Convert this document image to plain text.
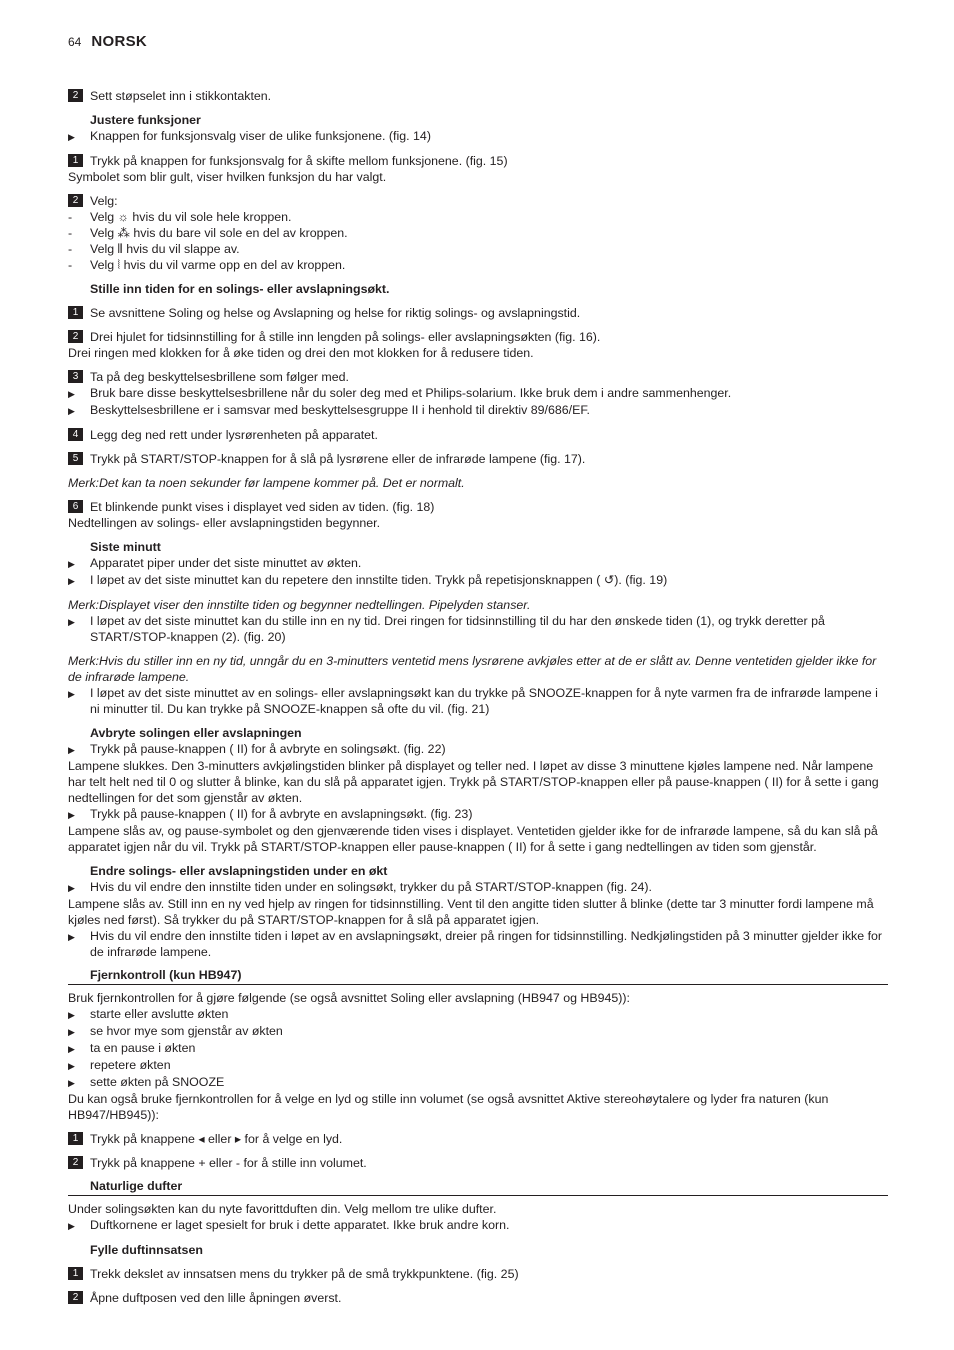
64 NORSK
2 Sett støpselet inn i stikkontakten.
Justere funksjoner
▶	Knappen for funksjonsvalg viser de ulike funksjonene. (fig. 14)
1 Trykk på knappen for funksjonsvalg for å skifte mellom funksjonene. (fig. 15)
Symbolet som blir gult, viser hvilken funksjon du har valgt.
2 Velg:
-	Velg ☼ hvis du vil sole hele kroppen.
-	Velg ⁂ hvis du bare vil sole en del av kroppen.
-	Velg ⫴ hvis du vil slappe av.
-	Velg ⦚ hvis du vil varme opp en del av kroppen.
Stille inn tiden for en solings- eller avslapningsøkt.
1 Se avsnittene Soling og helse og Avslapning og helse for riktig solings- og avslapningstid.
2 Drei hjulet for tidsinnstilling for å stille inn lengden på solings- eller avslapningsøkten (fig. 16).
Drei ringen med klokken for å øke tiden og drei den mot klokken for å redusere tiden.
3 Ta på deg beskyttelsesbrillene som følger med.
▶	Bruk bare disse beskyttelsesbrillene når du soler deg med et Philips-solarium. Ikke bruk dem i andre sammenhenger.
▶	Beskyttelsesbrillene er i samsvar med beskyttelsesgruppe II i henhold til direktiv 89/686/EF.
4 Legg deg ned rett under lysrørenheten på apparatet.
5 Trykk på START/STOP-knappen for å slå på lysrørene eller de infrarøde lampene (fig. 17).
Merk:Det kan ta noen sekunder før lampene kommer på. Det er normalt.
6 Et blinkende punkt vises i displayet ved siden av tiden. (fig. 18)
Nedtellingen av solings- eller avslapningstiden begynner.
Siste minutt
▶	Apparatet piper under det siste minuttet av økten.
▶	I løpet av det siste minuttet kan du repetere den innstilte tiden. Trykk på repetisjonsknappen ( ↺). (fig. 19)
Merk:Displayet viser den innstilte tiden og begynner nedtellingen. Pipelyden stanser.
▶	I løpet av det siste minuttet kan du stille inn en ny tid. Drei ringen for tidsinnstilling til du har den ønskede tiden (1), og trykk deretter på START/STOP-knappen (2). (fig. 20)
Merk:Hvis du stiller inn en ny tid, unngår du en 3-minutters ventetid mens lysrørene avkjøles etter at de er slått av. Denne ventetiden gjelder ikke for de infrarøde lampene.
▶	I løpet av det siste minuttet av en solings- eller avslapningsøkt kan du trykke på SNOOZE-knappen for å nyte varmen fra de infrarøde lampene i ni minutter til. Du kan trykke på SNOOZE-knappen så ofte du vil. (fig. 21)
Avbryte solingen eller avslapningen
▶	Trykk på pause-knappen ( II) for å avbryte en solingsøkt. (fig. 22)
Lampene slukkes. Den 3-minutters avkjølingstiden blinker på displayet og teller ned. I løpet av disse 3 minuttene kjøles lampene ned. Når lampene har telt helt ned til 0 og slutter å blinke, kan du slå på apparatet igjen. Trykk på START/STOP-knappen eller på pause-knappen ( II) for å sette i gang nedtellingen for det som gjenstår av økten.
▶	Trykk på pause-knappen ( II) for å avbryte en avslapningsøkt. (fig. 23)
Lampene slås av, og pause-symbolet og den gjenværende tiden vises i displayet. Ventetiden gjelder ikke for de infrarøde lampene, så du kan slå på apparatet igjen når du vil. Trykk på START/STOP-knappen eller pause-knappen ( II) for å sette i gang nedtellingen av tiden som gjenstår.
Endre solings- eller avslapningstiden under en økt
▶	Hvis du vil endre den innstilte tiden under en solingsøkt, trykker du på START/STOP-knappen (fig. 24).
Lampene slås av. Still inn en ny ved hjelp av ringen for tidsinnstilling. Vent til den angitte tiden slutter å blinke (dette tar 3 minutter fordi lampene må kjøles ned først). Så trykker du på START/STOP-knappen for å slå på apparatet igjen.
▶	Hvis du vil endre den innstilte tiden i løpet av en avslapningsøkt, dreier på ringen for tidsinnstilling. Nedkjølingstiden på 3 minutter gjelder ikke for de infrarøde lampene.
Fjernkontroll (kun HB947)
Bruk fjernkontrollen for å gjøre følgende (se også avsnittet Soling eller avslapning (HB947 og HB945)):
▶	starte eller avslutte økten
▶	se hvor mye som gjenstår av økten
▶	ta en pause i økten
▶	repetere økten
▶	sette økten på SNOOZE
Du kan også bruke fjernkontrollen for å velge en lyd og stille inn volumet (se også avsnittet Aktive stereohøytalere og lyder fra naturen (kun HB947/HB945)):
1 Trykk på knappene ◂ eller ▸ for å velge en lyd.
2 Trykk på knappene + eller - for å stille inn volumet.
Naturlige dufter
Under solingsøkten kan du nyte favorittduften din. Velg mellom tre ulike dufter.
▶	Duftkornene er laget spesielt for bruk i dette apparatet. Ikke bruk andre korn.
Fylle duftinnsatsen
1 Trekk dekslet av innsatsen mens du trykker på de små trykkpunktene. (fig. 25)
2 Åpne duftposen ved den lille åpningen øverst.
